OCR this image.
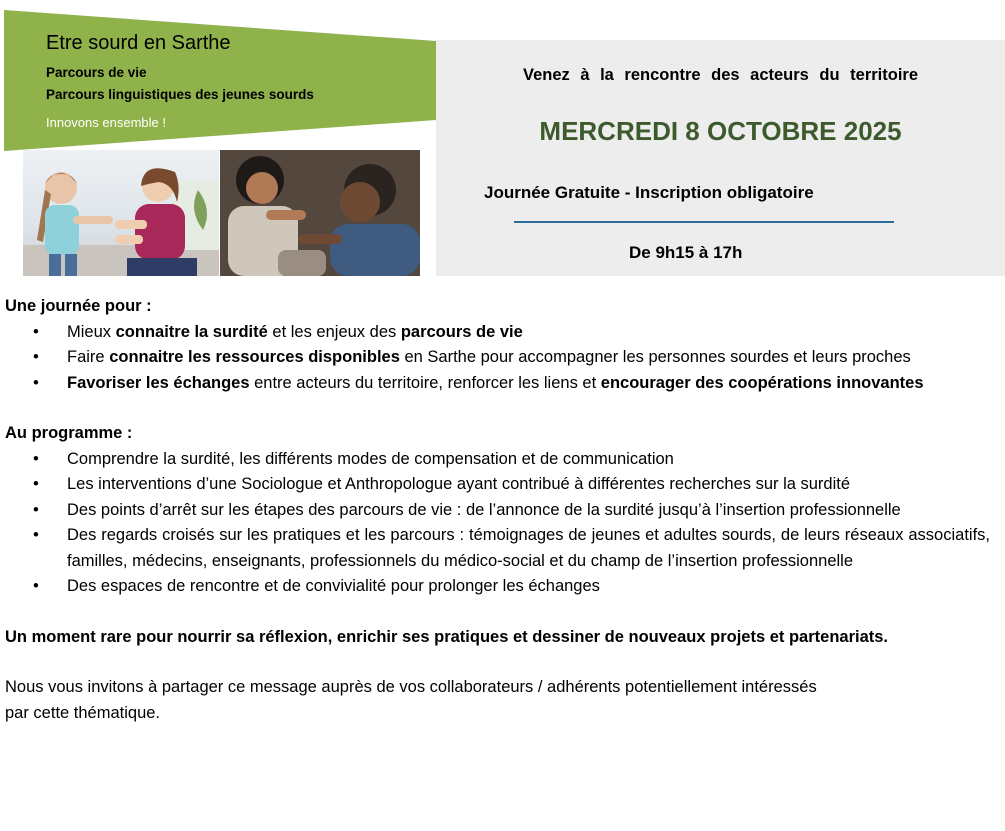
Etre sourd en Sarthe
Parcours de vie
Parcours linguistiques des jeunes sourds
Innovons ensemble !
Venez à la rencontre des acteurs du territoire
MERCREDI 8 OCTOBRE 2025
Journée Gratuite - Inscription obligatoire
De 9h15 à 17h

Une journée pour :

• Mieux connaitre la surdité et les enjeux des parcours de vie
• Faire connaitre les ressources disponibles en Sarthe pour accompagner les personnes sourdes et leurs proches
• Favoriser les échanges entre acteurs du territoire, renforcer les liens et encourager des coopérations innovantes

Au programme :

• Comprendre la surdité, les différents modes de compensation et de communication
• Les interventions d’une Sociologue et Anthropologue ayant contribué à différentes recherches sur la surdité
• Des points d’arrêt sur les étapes des parcours de vie : de l’annonce de la surdité jusqu’à l’insertion professionnelle
• Des regards croisés sur les pratiques et les parcours : témoignages de jeunes et adultes sourds, de leurs réseaux associatifs, familles, médecins, enseignants, professionnels du médico-social et du champ de l’insertion professionnelle
• Des espaces de rencontre et de convivialité pour prolonger les échanges

Un moment rare pour nourrir sa réflexion, enrichir ses pratiques et dessiner de nouveaux projets et partenariats.

Nous vous invitons à partager ce message auprès de vos collaborateurs / adhérents potentiellement intéressés

par cette thématique.
